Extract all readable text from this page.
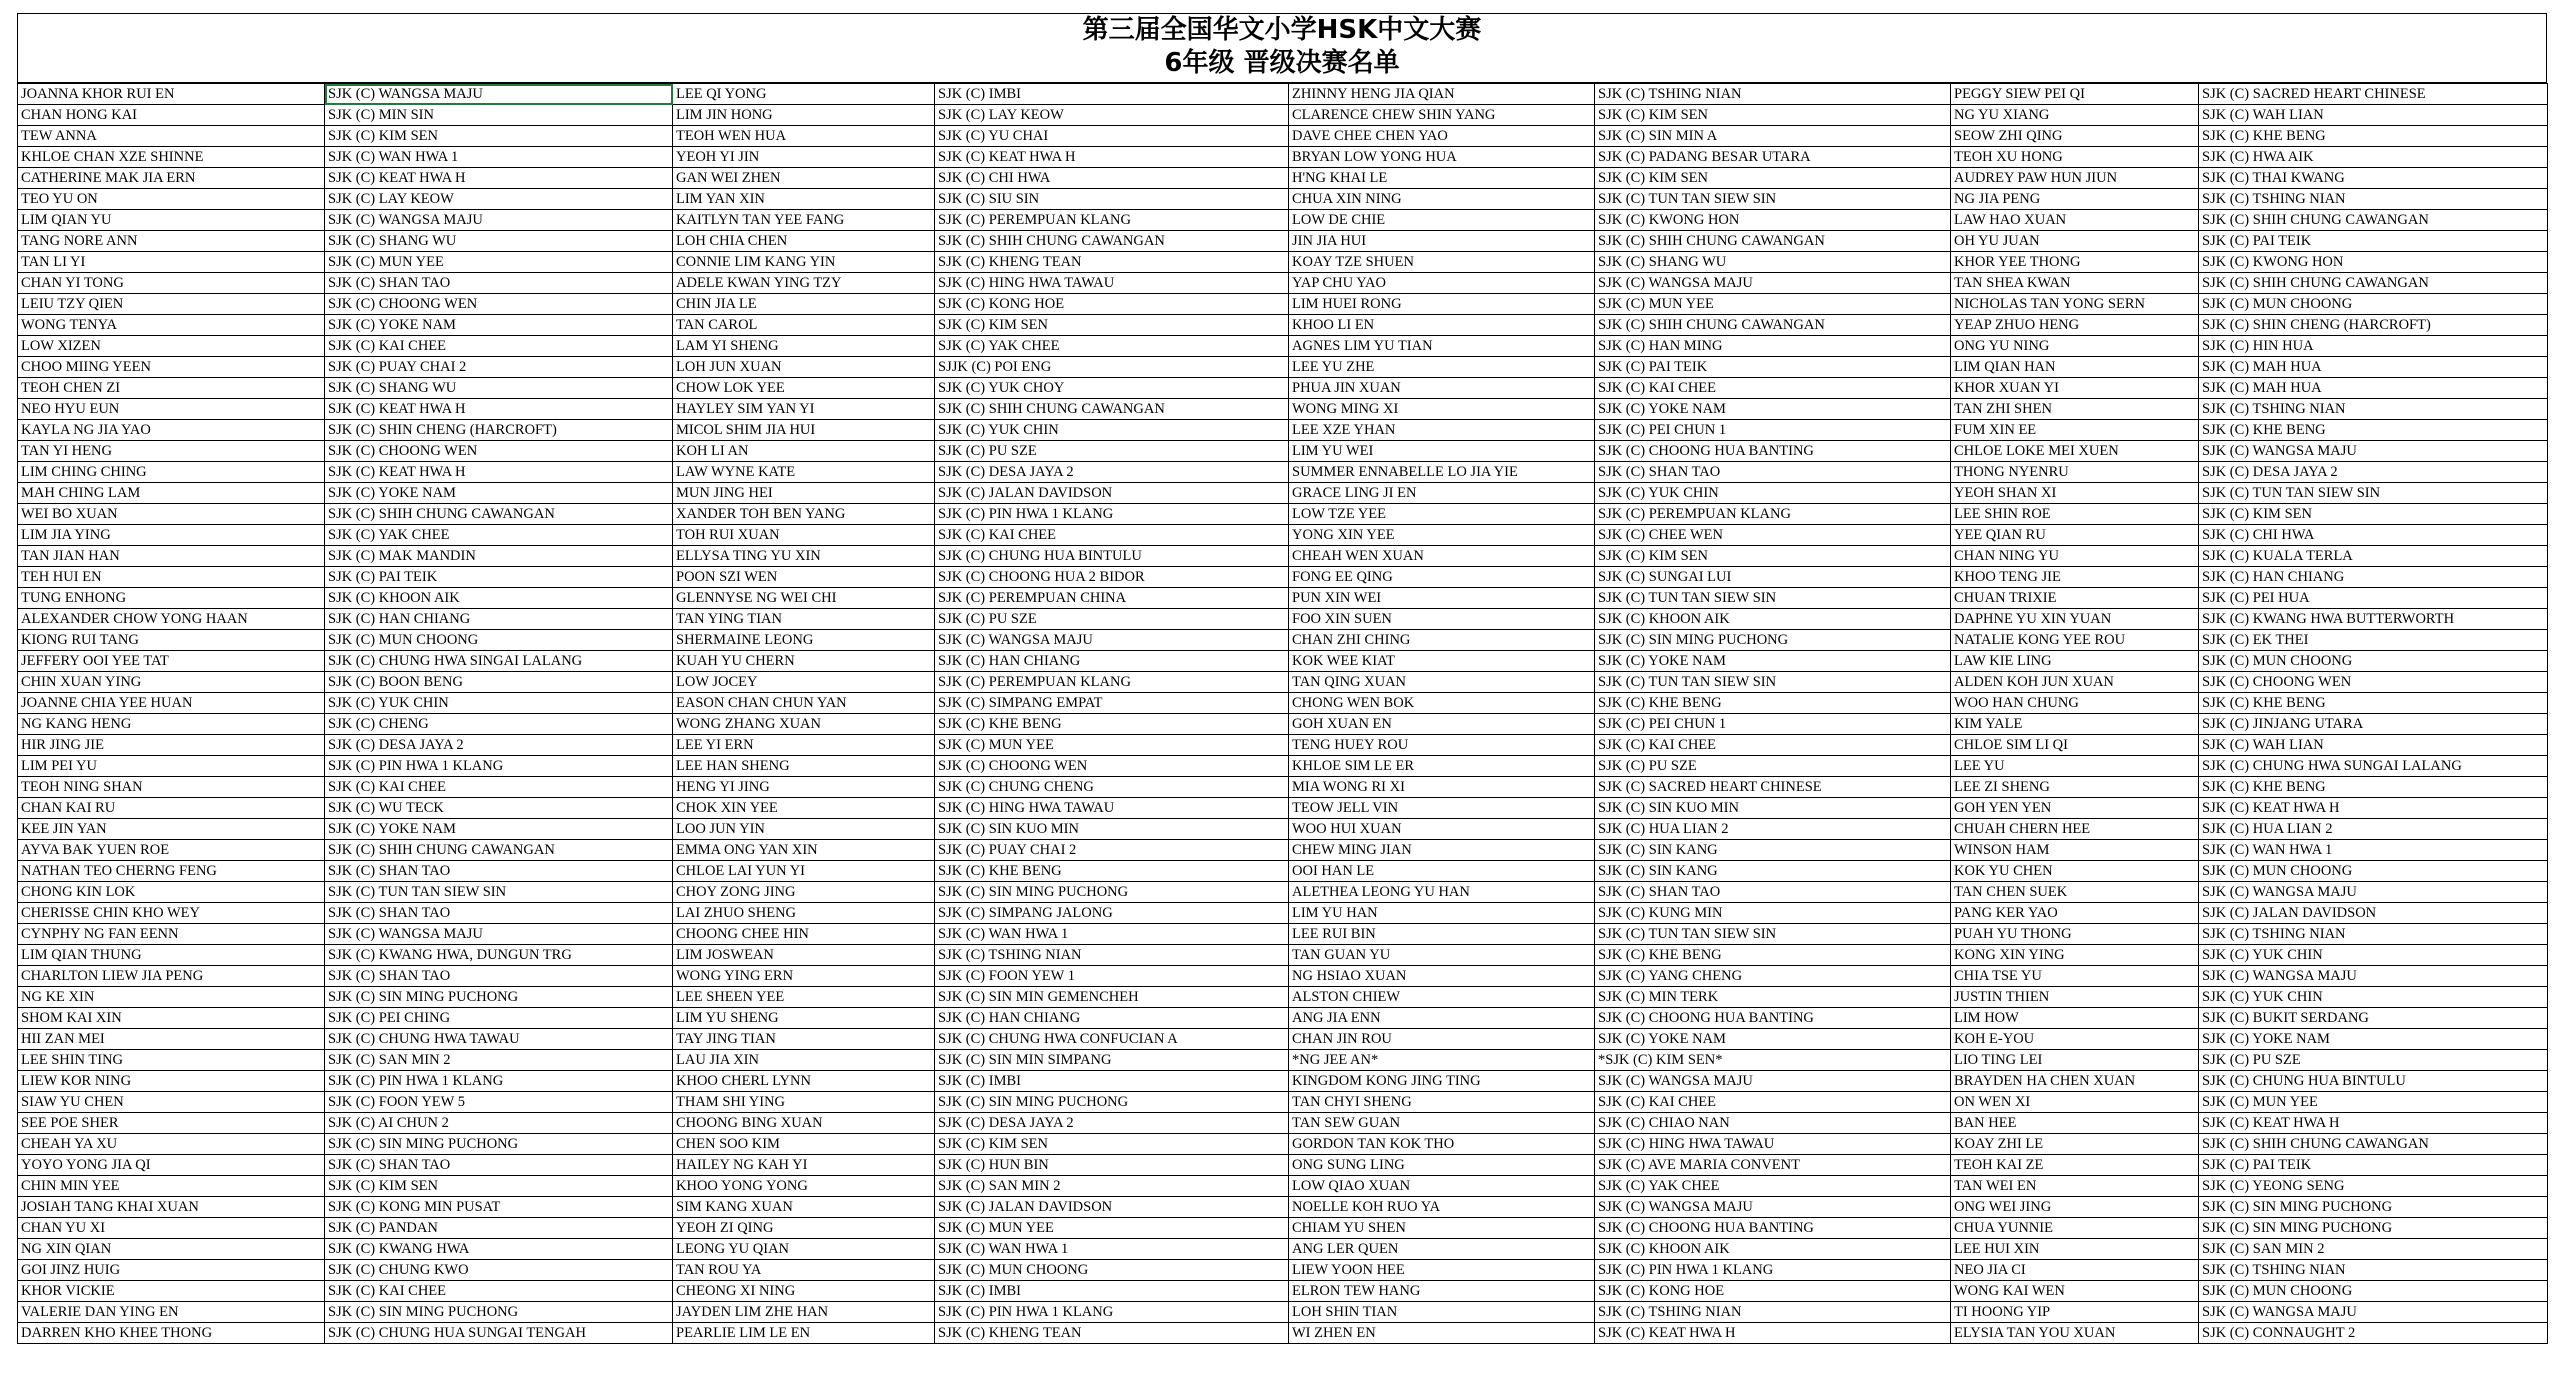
第三届全国华文小学HSK中文大赛
6年级 晋级决赛名单
JOANNA KHOR RUI EN	SJK (C) WANGSA MAJU	LEE QI YONG	SJK (C) IMBI	ZHINNY HENG JIA QIAN	SJK (C) TSHING NIAN	PEGGY SIEW PEI QI	SJK (C) SACRED HEART CHINESE
CHAN HONG KAI	SJK (C) MIN SIN	LIM JIN HONG	SJK (C) LAY KEOW	CLARENCE CHEW SHIN YANG	SJK (C) KIM SEN	NG YU XIANG	SJK (C) WAH LIAN
TEW ANNA	SJK (C) KIM SEN	TEOH WEN HUA	SJK (C) YU CHAI	DAVE CHEE CHEN YAO	SJK (C) SIN MIN A	SEOW ZHI QING	SJK (C) KHE BENG
KHLOE CHAN XZE SHINNE	SJK (C) WAN HWA 1	YEOH YI JIN	SJK (C) KEAT HWA H	BRYAN LOW YONG HUA	SJK (C) PADANG BESAR UTARA	TEOH XU HONG	SJK (C) HWA AIK
CATHERINE MAK JIA ERN	SJK (C) KEAT HWA H	GAN WEI ZHEN	SJK (C) CHI HWA	H'NG KHAI LE	SJK (C) KIM SEN	AUDREY PAW HUN JIUN	SJK (C) THAI KWANG
TEO YU ON	SJK (C) LAY KEOW	LIM YAN XIN	SJK (C) SIU SIN	CHUA XIN NING	SJK (C) TUN TAN SIEW SIN	NG JIA PENG	SJK (C) TSHING NIAN
LIM QIAN YU	SJK (C) WANGSA MAJU	KAITLYN TAN YEE FANG	SJK (C) PEREMPUAN KLANG	LOW DE CHIE	SJK (C) KWONG HON	LAW HAO XUAN	SJK (C) SHIH CHUNG CAWANGAN
TANG NORE ANN	SJK (C) SHANG WU	LOH CHIA CHEN	SJK (C) SHIH CHUNG CAWANGAN	JIN JIA HUI	SJK (C) SHIH CHUNG CAWANGAN	OH YU JUAN	SJK (C) PAI TEIK
TAN LI YI	SJK (C) MUN YEE	CONNIE LIM KANG YIN	SJK (C) KHENG TEAN	KOAY TZE SHUEN	SJK (C) SHANG WU	KHOR YEE THONG	SJK (C) KWONG HON
CHAN YI TONG	SJK (C) SHAN TAO	ADELE KWAN YING TZY	SJK (C) HING HWA TAWAU	YAP CHU YAO	SJK (C) WANGSA MAJU	TAN SHEA KWAN	SJK (C) SHIH CHUNG CAWANGAN
LEIU TZY QIEN	SJK (C) CHOONG WEN	CHIN JIA LE	SJK (C) KONG HOE	LIM HUEI RONG	SJK (C) MUN YEE	NICHOLAS TAN YONG SERN	SJK (C) MUN CHOONG
WONG TENYA	SJK (C) YOKE NAM	TAN CAROL	SJK (C) KIM SEN	KHOO LI EN	SJK (C) SHIH CHUNG CAWANGAN	YEAP ZHUO HENG	SJK (C) SHIN CHENG (HARCROFT)
LOW XIZEN	SJK (C) KAI CHEE	LAM YI SHENG	SJK (C) YAK CHEE	AGNES LIM YU TIAN	SJK (C) HAN MING	ONG YU NING	SJK (C) HIN HUA
CHOO MIING YEEN	SJK (C) PUAY CHAI 2	LOH JUN XUAN	SJJK (C) POI ENG	LEE YU ZHE	SJK (C) PAI TEIK	LIM QIAN HAN	SJK (C) MAH HUA
TEOH CHEN ZI	SJK (C) SHANG WU	CHOW LOK YEE	SJK (C) YUK CHOY	PHUA JIN XUAN	SJK (C) KAI CHEE	KHOR XUAN YI	SJK (C) MAH HUA
NEO HYU EUN	SJK (C) KEAT HWA H	HAYLEY SIM YAN YI	SJK (C) SHIH CHUNG CAWANGAN	WONG MING XI	SJK (C) YOKE NAM	TAN ZHI SHEN	SJK (C) TSHING NIAN
KAYLA NG JIA YAO	SJK (C) SHIN CHENG (HARCROFT)	MICOL SHIM JIA HUI	SJK (C) YUK CHIN	LEE XZE YHAN	SJK (C) PEI CHUN 1	FUM XIN EE	SJK (C) KHE BENG
TAN YI HENG	SJK (C) CHOONG WEN	KOH LI AN	SJK (C) PU SZE	LIM YU WEI	SJK (C) CHOONG HUA BANTING	CHLOE LOKE MEI XUEN	SJK (C) WANGSA MAJU
LIM CHING CHING	SJK (C) KEAT HWA H	LAW WYNE KATE	SJK (C) DESA JAYA 2	SUMMER ENNABELLE LO JIA YIE	SJK (C) SHAN TAO	THONG NYENRU	SJK (C) DESA JAYA 2
MAH CHING LAM	SJK (C) YOKE NAM	MUN JING HEI	SJK (C) JALAN DAVIDSON	GRACE LING JI EN	SJK (C) YUK CHIN	YEOH SHAN XI	SJK (C) TUN TAN SIEW SIN
WEI BO XUAN	SJK (C) SHIH CHUNG CAWANGAN	XANDER TOH BEN YANG	SJK (C) PIN HWA 1 KLANG	LOW TZE YEE	SJK (C) PEREMPUAN KLANG	LEE SHIN ROE	SJK (C) KIM SEN
LIM JIA YING	SJK (C) YAK CHEE	TOH RUI XUAN	SJK (C) KAI CHEE	YONG XIN YEE	SJK (C) CHEE WEN	YEE QIAN RU	SJK (C) CHI HWA
TAN JIAN HAN	SJK (C) MAK MANDIN	ELLYSA TING YU XIN	SJK (C) CHUNG HUA BINTULU	CHEAH WEN XUAN	SJK (C) KIM SEN	CHAN NING YU	SJK (C) KUALA TERLA
TEH HUI EN	SJK (C) PAI TEIK	POON SZI WEN	SJK (C) CHOONG HUA 2 BIDOR	FONG EE QING	SJK (C) SUNGAI LUI	KHOO TENG JIE	SJK (C) HAN CHIANG
TUNG ENHONG	SJK (C) KHOON AIK	GLENNYSE NG WEI CHI	SJK (C) PEREMPUAN CHINA	PUN XIN WEI	SJK (C) TUN TAN SIEW SIN	CHUAN TRIXIE	SJK (C) PEI HUA
ALEXANDER CHOW YONG HAAN	SJK (C) HAN CHIANG	TAN YING TIAN	SJK (C) PU SZE	FOO XIN SUEN	SJK (C) KHOON AIK	DAPHNE YU XIN YUAN	SJK (C) KWANG HWA BUTTERWORTH
KIONG RUI TANG	SJK (C) MUN CHOONG	SHERMAINE LEONG	SJK (C) WANGSA MAJU	CHAN ZHI CHING	SJK (C) SIN MING PUCHONG	NATALIE KONG YEE ROU	SJK (C) EK THEI
JEFFERY OOI YEE TAT	SJK (C) CHUNG HWA SINGAI LALANG	KUAH YU CHERN	SJK (C) HAN CHIANG	KOK WEE KIAT	SJK (C) YOKE NAM	LAW KIE LING	SJK (C) MUN CHOONG
CHIN XUAN YING	SJK (C) BOON BENG	LOW JOCEY	SJK (C) PEREMPUAN KLANG	TAN QING XUAN	SJK (C) TUN TAN SIEW SIN	ALDEN KOH JUN XUAN	SJK (C) CHOONG WEN
JOANNE CHIA YEE HUAN	SJK (C) YUK CHIN	EASON CHAN CHUN YAN	SJK (C) SIMPANG EMPAT	CHONG WEN BOK	SJK (C) KHE BENG	WOO HAN CHUNG	SJK (C) KHE BENG
NG KANG HENG	SJK (C) CHENG	WONG ZHANG XUAN	SJK (C) KHE BENG	GOH XUAN EN	SJK (C) PEI CHUN 1	KIM YALE	SJK (C) JINJANG UTARA
HIR JING JIE	SJK (C) DESA JAYA 2	LEE YI ERN	SJK (C) MUN YEE	TENG HUEY ROU	SJK (C) KAI CHEE	CHLOE SIM LI QI	SJK (C) WAH LIAN
LIM PEI YU	SJK (C) PIN HWA 1 KLANG	LEE HAN SHENG	SJK (C) CHOONG WEN	KHLOE SIM LE ER	SJK (C) PU SZE	LEE YU	SJK (C) CHUNG HWA SUNGAI LALANG
TEOH NING SHAN	SJK (C) KAI CHEE	HENG YI JING	SJK (C) CHUNG CHENG	MIA WONG RI XI	SJK (C) SACRED HEART CHINESE	LEE ZI SHENG	SJK (C) KHE BENG
CHAN KAI RU	SJK (C) WU TECK	CHOK XIN YEE	SJK (C) HING HWA TAWAU	TEOW JELL VIN	SJK (C) SIN KUO MIN	GOH YEN YEN	SJK (C) KEAT HWA H
KEE JIN YAN	SJK (C) YOKE NAM	LOO JUN YIN	SJK (C) SIN KUO MIN	WOO HUI XUAN	SJK (C) HUA LIAN 2	CHUAH CHERN HEE	SJK (C) HUA LIAN 2
AYVA BAK YUEN ROE	SJK (C) SHIH CHUNG CAWANGAN	EMMA ONG YAN XIN	SJK (C) PUAY CHAI 2	CHEW MING JIAN	SJK (C) SIN KANG	WINSON HAM	SJK (C) WAN HWA 1
NATHAN TEO CHERNG FENG	SJK (C) SHAN TAO	CHLOE LAI YUN YI	SJK (C) KHE BENG	OOI HAN LE	SJK (C) SIN KANG	KOK YU CHEN	SJK (C) MUN CHOONG
CHONG KIN LOK	SJK (C) TUN TAN SIEW SIN	CHOY ZONG JING	SJK (C) SIN MING PUCHONG	ALETHEA LEONG YU HAN	SJK (C) SHAN TAO	TAN CHEN SUEK	SJK (C) WANGSA MAJU
CHERISSE CHIN KHO WEY	SJK (C) SHAN TAO	LAI ZHUO SHENG	SJK (C) SIMPANG JALONG	LIM YU HAN	SJK (C) KUNG MIN	PANG KER YAO	SJK (C) JALAN DAVIDSON
CYNPHY NG FAN EENN	SJK (C) WANGSA MAJU	CHOONG CHEE HIN	SJK (C) WAN HWA 1	LEE RUI BIN	SJK (C) TUN TAN SIEW SIN	PUAH YU THONG	SJK (C) TSHING NIAN
LIM QIAN THUNG	SJK (C) KWANG HWA, DUNGUN TRG	LIM JOSWEAN	SJK (C) TSHING NIAN	TAN GUAN YU	SJK (C) KHE BENG	KONG XIN YING	SJK (C) YUK CHIN
CHARLTON LIEW JIA PENG	SJK (C) SHAN TAO	WONG YING ERN	SJK (C) FOON YEW 1	NG HSIAO XUAN	SJK (C) YANG CHENG	CHIA TSE YU	SJK (C) WANGSA MAJU
NG KE XIN	SJK (C) SIN MING PUCHONG	LEE SHEEN YEE	SJK (C) SIN MIN GEMENCHEH	ALSTON CHIEW	SJK (C) MIN TERK	JUSTIN THIEN	SJK (C) YUK CHIN
SHOM KAI XIN	SJK (C) PEI CHING	LIM YU SHENG	SJK (C) HAN CHIANG	ANG JIA ENN	SJK (C) CHOONG HUA BANTING	LIM HOW	SJK (C) BUKIT SERDANG
HII ZAN MEI	SJK (C) CHUNG HWA TAWAU	TAY JING TIAN	SJK (C) CHUNG HWA CONFUCIAN A	CHAN JIN ROU	SJK (C) YOKE NAM	KOH E-YOU	SJK (C) YOKE NAM
LEE SHIN TING	SJK (C) SAN MIN 2	LAU JIA XIN	SJK (C) SIN MIN SIMPANG	*NG JEE AN*	*SJK (C) KIM SEN*	LIO TING LEI	SJK (C) PU SZE
LIEW KOR NING	SJK (C) PIN HWA 1 KLANG	KHOO CHERL LYNN	SJK (C) IMBI	KINGDOM KONG JING TING	SJK (C) WANGSA MAJU	BRAYDEN HA CHEN XUAN	SJK (C) CHUNG HUA BINTULU
SIAW YU CHEN	SJK (C) FOON YEW 5	THAM SHI YING	SJK (C) SIN MING PUCHONG	TAN CHYI SHENG	SJK (C) KAI CHEE	ON WEN XI	SJK (C) MUN YEE
SEE POE SHER	SJK (C) AI CHUN 2	CHOONG BING XUAN	SJK (C) DESA JAYA 2	TAN SEW GUAN	SJK (C) CHIAO NAN	BAN HEE	SJK (C) KEAT HWA H
CHEAH YA XU	SJK (C) SIN MING PUCHONG	CHEN SOO KIM	SJK (C) KIM SEN	GORDON TAN KOK THO	SJK (C) HING HWA TAWAU	KOAY ZHI LE	SJK (C) SHIH CHUNG CAWANGAN
YOYO YONG JIA QI	SJK (C) SHAN TAO	HAILEY NG KAH YI	SJK (C) HUN BIN	ONG SUNG LING	SJK (C) AVE MARIA CONVENT	TEOH KAI ZE	SJK (C) PAI TEIK
CHIN MIN YEE	SJK (C) KIM SEN	KHOO YONG YONG	SJK (C) SAN MIN 2	LOW QIAO XUAN	SJK (C) YAK CHEE	TAN WEI EN	SJK (C) YEONG SENG
JOSIAH TANG KHAI XUAN	SJK (C) KONG MIN PUSAT	SIM KANG XUAN	SJK (C) JALAN DAVIDSON	NOELLE KOH RUO YA	SJK (C) WANGSA MAJU	ONG WEI JING	SJK (C) SIN MING PUCHONG
CHAN YU XI	SJK (C) PANDAN	YEOH ZI QING	SJK (C) MUN YEE	CHIAM YU SHEN	SJK (C) CHOONG HUA BANTING	CHUA YUNNIE	SJK (C) SIN MING PUCHONG
NG XIN QIAN	SJK (C) KWANG HWA	LEONG YU QIAN	SJK (C) WAN HWA 1	ANG LER QUEN	SJK (C) KHOON AIK	LEE HUI XIN	SJK (C) SAN MIN 2
GOI JINZ HUIG	SJK (C) CHUNG KWO	TAN ROU YA	SJK (C) MUN CHOONG	LIEW YOON HEE	SJK (C) PIN HWA 1 KLANG	NEO JIA CI	SJK (C) TSHING NIAN
KHOR VICKIE	SJK (C) KAI CHEE	CHEONG XI NING	SJK (C) IMBI	ELRON TEW HANG	SJK (C) KONG HOE	WONG KAI WEN	SJK (C) MUN CHOONG
VALERIE DAN YING EN	SJK (C) SIN MING PUCHONG	JAYDEN LIM ZHE HAN	SJK (C) PIN HWA 1 KLANG	LOH SHIN TIAN	SJK (C) TSHING NIAN	TI HOONG YIP	SJK (C) WANGSA MAJU
DARREN KHO KHEE THONG	SJK (C) CHUNG HUA SUNGAI TENGAH	PEARLIE LIM LE EN	SJK (C) KHENG TEAN	WI ZHEN EN	SJK (C) KEAT HWA H	ELYSIA TAN YOU XUAN	SJK (C) CONNAUGHT 2
